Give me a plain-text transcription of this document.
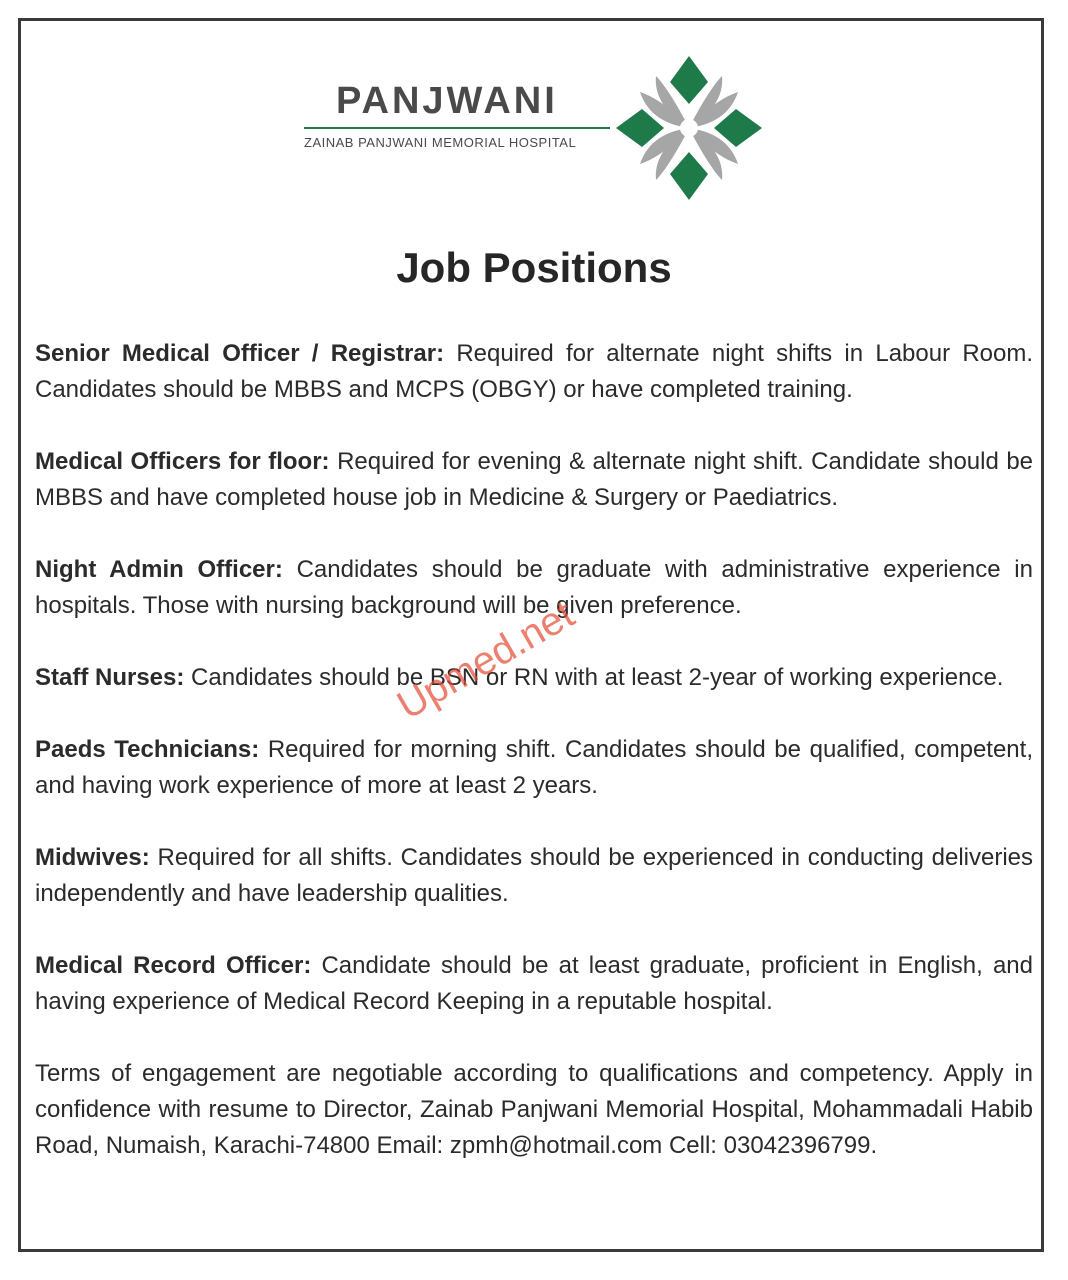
PANJWANI
ZAINAB PANJWANI MEMORIAL HOSPITAL
Job Positions

Senior Medical Officer / Registrar: Required for alternate night shifts in Labour Room. Candidates should be MBBS and MCPS (OBGY) or have completed training.

Medical Officers for floor: Required for evening & alternate night shift. Candidate should be MBBS and have completed house job in Medicine & Surgery or Paediatrics.

Night Admin Officer: Candidates should be graduate with administrative experience in hospitals. Those with nursing background will be given preference.

Staff Nurses: Candidates should be BSN or RN with at least 2-year of working experience.

Paeds Technicians: Required for morning shift. Candidates should be qualified, competent, and having work experience of more at least 2 years.

Midwives: Required for all shifts. Candidates should be experienced in conducting deliveries independently and have leadership qualities.

Medical Record Officer: Candidate should be at least graduate, proficient in English, and having experience of Medical Record Keeping in a reputable hospital.

Terms of engagement are negotiable according to qualifications and competency. Apply in confidence with resume to Director, Zainab Panjwani Memorial Hospital, Mohammadali Habib Road, Numaish, Karachi-74800 Email: zpmh@hotmail.com Cell: 03042396799.

Upmed.net
